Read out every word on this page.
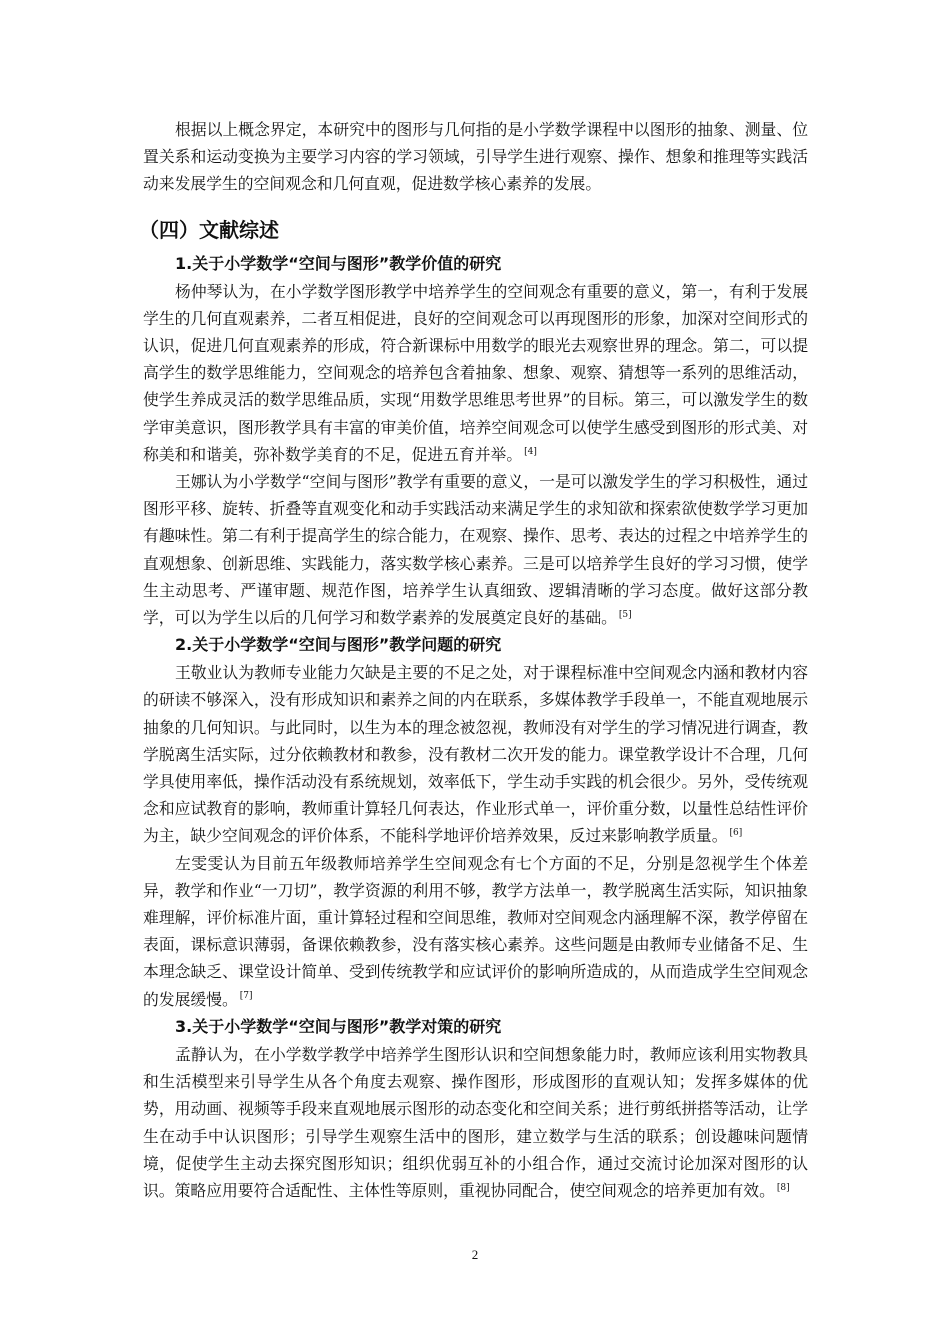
根据以上概念界定，本研究中的图形与几何指的是小学数学课程中以图形的抽象、测量、位置关系和运动变换为主要学习内容的学习领域，引导学生进行观察、操作、想象和推理等实践活动来发展学生的空间观念和几何直观，促进数学核心素养的发展。

（四）文献综述
1.关于小学数学“空间与图形”教学价值的研究

杨仲琴认为，在小学数学图形教学中培养学生的空间观念有重要的意义，第一，有利于发展学生的几何直观素养，二者互相促进，良好的空间观念可以再现图形的形象，加深对空间形式的认识，促进几何直观素养的形成，符合新课标中用数学的眼光去观察世界的理念。第二，可以提高学生的数学思维能力，空间观念的培养包含着抽象、想象、观察、猜想等一系列的思维活动，使学生养成灵活的数学思维品质，实现“用数学思维思考世界”的目标。第三，可以激发学生的数学审美意识，图形教学具有丰富的审美价值，培养空间观念可以使学生感受到图形的形式美、对称美和和谐美，弥补数学美育的不足，促进五育并举。 [4]

王娜认为小学数学“空间与图形”教学有重要的意义，一是可以激发学生的学习积极性，通过图形平移、旋转、折叠等直观变化和动手实践活动来满足学生的求知欲和探索欲使数学学习更加有趣味性。第二有利于提高学生的综合能力，在观察、操作、思考、表达的过程之中培养学生的直观想象、创新思维、实践能力，落实数学核心素养。三是可以培养学生良好的学习习惯，使学生主动思考、严谨审题、规范作图，培养学生认真细致、逻辑清晰的学习态度。做好这部分教学，可以为学生以后的几何学习和数学素养的发展奠定良好的基础。 [5]

2.关于小学数学“空间与图形”教学问题的研究

王敬业认为教师专业能力欠缺是主要的不足之处，对于课程标准中空间观念内涵和教材内容的研读不够深入，没有形成知识和素养之间的内在联系，多媒体教学手段单一，不能直观地展示抽象的几何知识。与此同时，以生为本的理念被忽视，教师没有对学生的学习情况进行调查，教学脱离生活实际，过分依赖教材和教参，没有教材二次开发的能力。课堂教学设计不合理，几何学具使用率低，操作活动没有系统规划，效率低下，学生动手实践的机会很少。另外，受传统观念和应试教育的影响，教师重计算轻几何表达，作业形式单一，评价重分数，以量性总结性评价为主，缺少空间观念的评价体系，不能科学地评价培养效果，反过来影响教学质量。 [6]

左雯雯认为目前五年级教师培养学生空间观念有七个方面的不足，分别是忽视学生个体差异，教学和作业“一刀切”，教学资源的利用不够，教学方法单一，教学脱离生活实际，知识抽象难理解，评价标准片面，重计算轻过程和空间思维，教师对空间观念内涵理解不深，教学停留在表面，课标意识薄弱，备课依赖教参，没有落实核心素养。这些问题是由教师专业储备不足、生本理念缺乏、课堂设计简单、受到传统教学和应试评价的影响所造成的，从而造成学生空间观念的发展缓慢。 [7]

3.关于小学数学“空间与图形”教学对策的研究

孟静认为，在小学数学教学中培养学生图形认识和空间想象能力时，教师应该利用实物教具和生活模型来引导学生从各个角度去观察、操作图形，形成图形的直观认知；发挥多媒体的优势，用动画、视频等手段来直观地展示图形的动态变化和空间关系；进行剪纸拼搭等活动，让学生在动手中认识图形；引导学生观察生活中的图形，建立数学与生活的联系；创设趣味问题情境，促使学生主动去探究图形知识；组织优弱互补的小组合作，通过交流讨论加深对图形的认识。策略应用要符合适配性、主体性等原则，重视协同配合，使空间观念的培养更加有效。 [8]

2
